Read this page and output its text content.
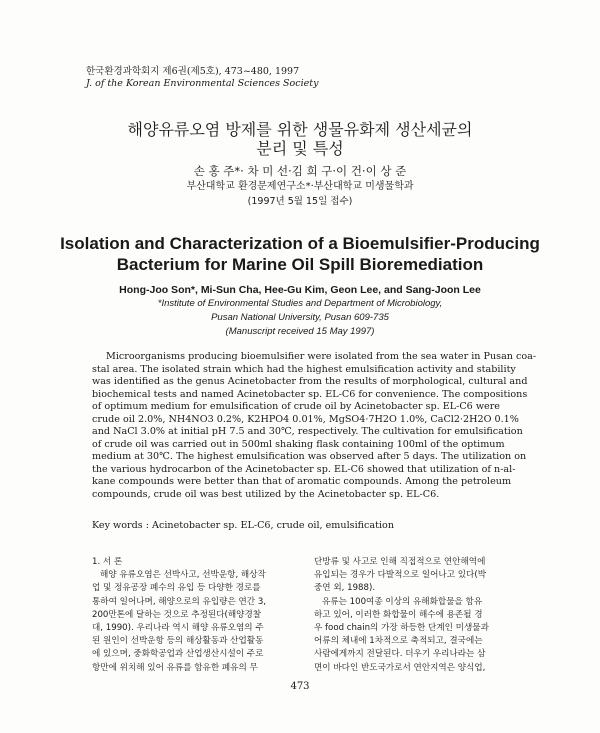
한국환경과학회지 제6권(제5호), 473~480, 1997
J. of the Korean Environmental Sciences Society
해양유류오염 방제를 위한 생물유화제 생산세균의
분리 및 특성
손 홍 주*· 차 미 선·김 희 구·이 건·이 상 준
부산대학교 환경문제연구소*·부산대학교 미생물학과
(1997년 5월 15일 접수)
Isolation and Characterization of a Bioemulsifier-Producing
Bacterium for Marine Oil Spill Bioremediation
Hong-Joo Son*, Mi-Sun Cha, Hee-Gu Kim, Geon Lee, and Sang-Joon Lee
*Institute of Environmental Studies and Department of Microbiology,
Pusan National University, Pusan 609-735
(Manuscript received 15 May 1997)
Microorganisms producing bioemulsifier were isolated from the sea water in Pusan coa-
stal area. The isolated strain which had the highest emulsification activity and stability
was identified as the genus Acinetobacter from the results of morphological, cultural and
biochemical tests and named Acinetobacter sp. EL-C6 for convenience. The compositions
of optimum medium for emulsification of crude oil by Acinetobacter sp. EL-C6 were
crude oil 2.0%, NH4NO3 0.2%, K2HPO4 0.01%, MgSO4·7H2O 1.0%, CaCl2·2H2O 0.1%
and NaCl 3.0% at initial pH 7.5 and 30℃, respectively. The cultivation for emulsification
of crude oil was carried out in 500ml shaking flask containing 100ml of the optimum
medium at 30℃. The highest emulsification was observed after 5 days. The utilization on
the various hydrocarbon of the Acinetobacter sp. EL-C6 showed that utilization of n-al-
kane compounds were better than that of aromatic compounds. Among the petroleum
compounds, crude oil was best utilized by the Acinetobacter sp. EL-C6.
Key words : Acinetobacter sp. EL-C6, crude oil, emulsification
1. 서 론
해양 유류오염은 선박사고, 선박운항, 해상작
업 및 정유공장 폐수의 유입 등 다양한 경로를
통하여 일어나며, 해양으로의 유입량은 연간 3,
200만톤에 달하는 것으로 추정된다(해양경찰
대, 1990). 우리나라 역시 해양 유류오염의 주
된 원인이 선박운항 등의 해상활동과 산업활동
에 있으며, 중화학공업과 산업생산시설이 주로
항만에 위치해 있어 유류를 함유한 폐유의 무
단방류 및 사고로 인해 직접적으로 연안해역에
유입되는 경우가 다발적으로 일어나고 있다(박
중연 외, 1988).
유류는 100여종 이상의 유해화합물을 함유
하고 있어, 이러한 화합물이 해수에 용존될 경
우 food chain의 가장 하등한 단계인 미생물과
어류의 체내에 1차적으로 축적되고, 결국에는
사람에게까지 전달된다. 더우기 우리나라는 삼
면이 바다인 반도국가로서 연안지역은 양식업,
473
